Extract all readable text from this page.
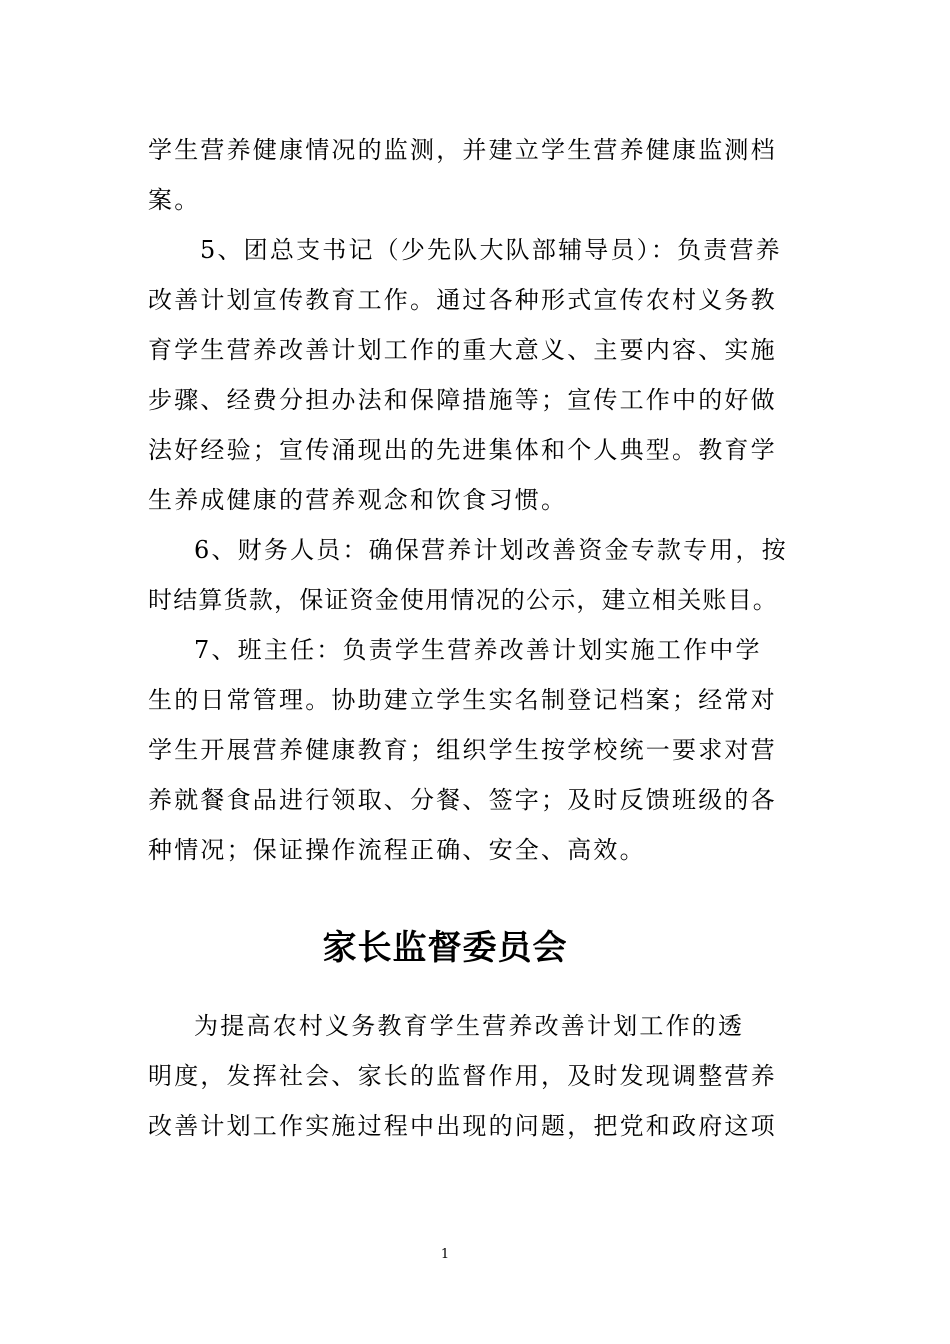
学生营养健康情况的监测，并建立学生营养健康监测档
案。
5、团总支书记（少先队大队部辅导员）：负责营养
改善计划宣传教育工作。通过各种形式宣传农村义务教
育学生营养改善计划工作的重大意义、主要内容、实施
步骤、经费分担办法和保障措施等；宣传工作中的好做
法好经验；宣传涌现出的先进集体和个人典型。教育学
生养成健康的营养观念和饮食习惯。
6、财务人员：确保营养计划改善资金专款专用，按
时结算货款，保证资金使用情况的公示，建立相关账目。
7、班主任：负责学生营养改善计划实施工作中学
生的日常管理。协助建立学生实名制登记档案；经常对
学生开展营养健康教育；组织学生按学校统一要求对营
养就餐食品进行领取、分餐、签字；及时反馈班级的各
种情况；保证操作流程正确、安全、高效。
家长监督委员会
为提高农村义务教育学生营养改善计划工作的透
明度，发挥社会、家长的监督作用，及时发现调整营养
改善计划工作实施过程中出现的问题，把党和政府这项
1
